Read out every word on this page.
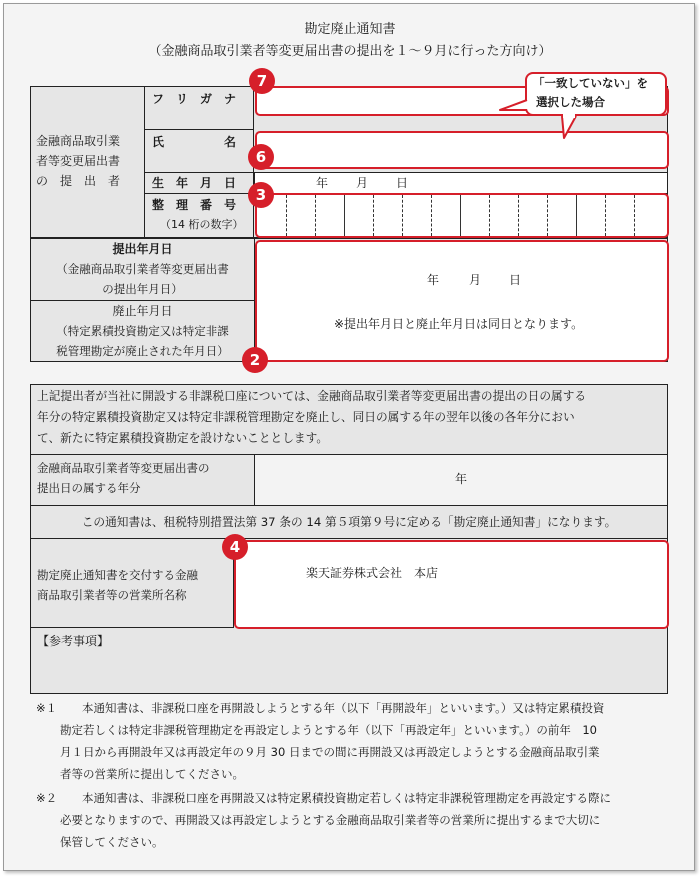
勘定廃止通知書
（金融商品取引業者等変更届出書の提出を１～９月に行った方向け）
金融商品取引業
者等変更届出書
の　提　出　者
フ　リ　ガ　ナ
氏　　　　　名
生　年　月　日
整　理　番　号
（14 桁の数字）
年 月 日
「一致していない」を
選択した場合
提出年月日
（金融商品取引業者等変更届出書
の提出年月日）
廃止年月日
（特定累積投資勘定又は特定非課
税管理勘定が廃止された年月日）
年 月 日
※提出年月日と廃止年月日は同日となります。
上記提出者が当社に開設する非課税口座については、金融商品取引業者等変更届出書の提出の日の属する
年分の特定累積投資勘定又は特定非課税管理勘定を廃止し、同日の属する年の翌年以後の各年分におい
て、新たに特定累積投資勘定を設けないこととします。
金融商品取引業者等変更届出書の
提出日の属する年分
年
この通知書は、租税特別措置法第 37 条の 14 第５項第９号に定める「勘定廃止通知書」になります。
勘定廃止通知書を交付する金融
商品取引業者等の営業所名称
楽天証券株式会社　本店
【参考事項】
7
6
3
2
4
※１ 本通知書は、非課税口座を再開設しようとする年（以下「再開設年」といいます。）又は特定累積投資
勘定若しくは特定非課税管理勘定を再設定しようとする年（以下「再設定年」といいます。）の前年　10
月１日から再開設年又は再設定年の９月 30 日までの間に再開設又は再設定しようとする金融商品取引業
者等の営業所に提出してください。
※２ 本通知書は、非課税口座を再開設又は特定累積投資勘定若しくは特定非課税管理勘定を再設定する際に
必要となりますので、再開設又は再設定しようとする金融商品取引業者等の営業所に提出するまで大切に
保管してください。
